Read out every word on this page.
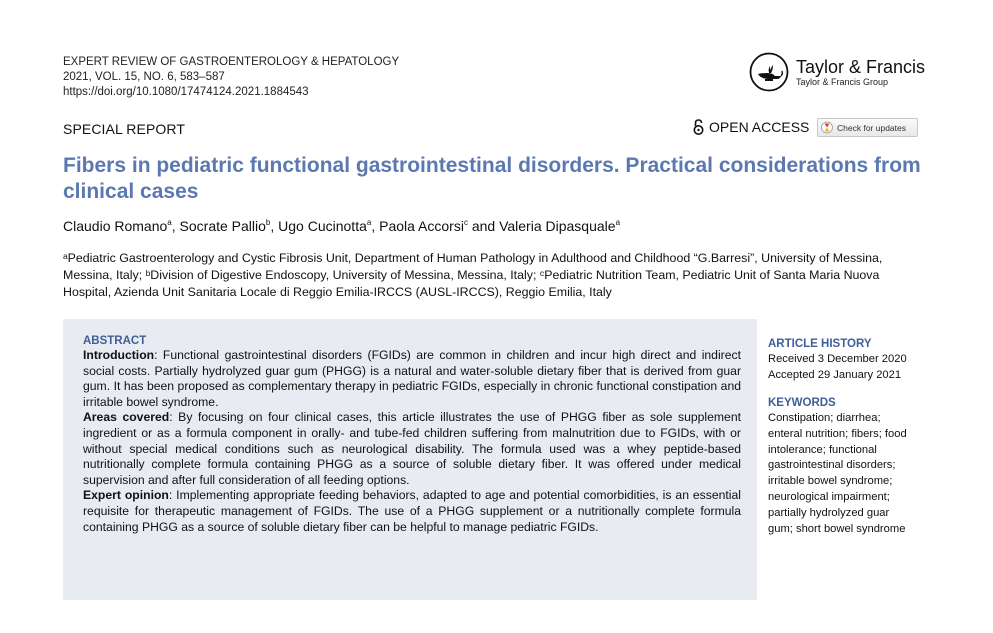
EXPERT REVIEW OF GASTROENTEROLOGY & HEPATOLOGY
2021, VOL. 15, NO. 6, 583–587
https://doi.org/10.1080/17474124.2021.1884543
Taylor & Francis
Taylor & Francis Group
SPECIAL REPORT	OPEN ACCESS	Check for updates
Fibers in pediatric functional gastrointestinal disorders. Practical considerations from clinical cases
Claudio Romano$^a$, Socrate Pallio$^b$, Ugo Cucinotta$^a$, Paola Accorsi$^c$ and Valeria Dipasquale$^a$
ᵃPediatric Gastroenterology and Cystic Fibrosis Unit, Department of Human Pathology in Adulthood and Childhood “G.Barresi”, University of Messina, Messina, Italy; ᵇDivision of Digestive Endoscopy, University of Messina, Messina, Italy; ᶜPediatric Nutrition Team, Pediatric Unit of Santa Maria Nuova Hospital, Azienda Unit Sanitaria Locale di Reggio Emilia-IRCCS (AUSL-IRCCS), Reggio Emilia, Italy
ABSTRACT

Introduction: Functional gastrointestinal disorders (FGIDs) are common in children and incur high direct and indirect social costs. Partially hydrolyzed guar gum (PHGG) is a natural and water-soluble dietary fiber that is derived from guar gum. It has been proposed as complementary therapy in pediatric FGIDs, especially in chronic functional constipation and irritable bowel syndrome.

Areas covered: By focusing on four clinical cases, this article illustrates the use of PHGG fiber as sole supplement ingredient or as a formula component in orally- and tube-fed children suffering from malnutrition due to FGIDs, with or without special medical conditions such as neurological disability. The formula used was a whey peptide-based nutritionally complete formula containing PHGG as a source of soluble dietary fiber. It was offered under medical supervision and after full consideration of all feeding options.

Expert opinion: Implementing appropriate feeding behaviors, adapted to age and potential comorbidities, is an essential requisite for therapeutic management of FGIDs. The use of a PHGG supplement or a nutritionally complete formula containing PHGG as a source of soluble dietary fiber can be helpful to manage pediatric FGIDs.

ARTICLE HISTORY
Received 3 December 2020
Accepted 29 January 2021
KEYWORDS
Constipation; diarrhea;
enteral nutrition; fibers; food
intolerance; functional
gastrointestinal disorders;
irritable bowel syndrome;
neurological impairment;
partially hydrolyzed guar
gum; short bowel syndrome
